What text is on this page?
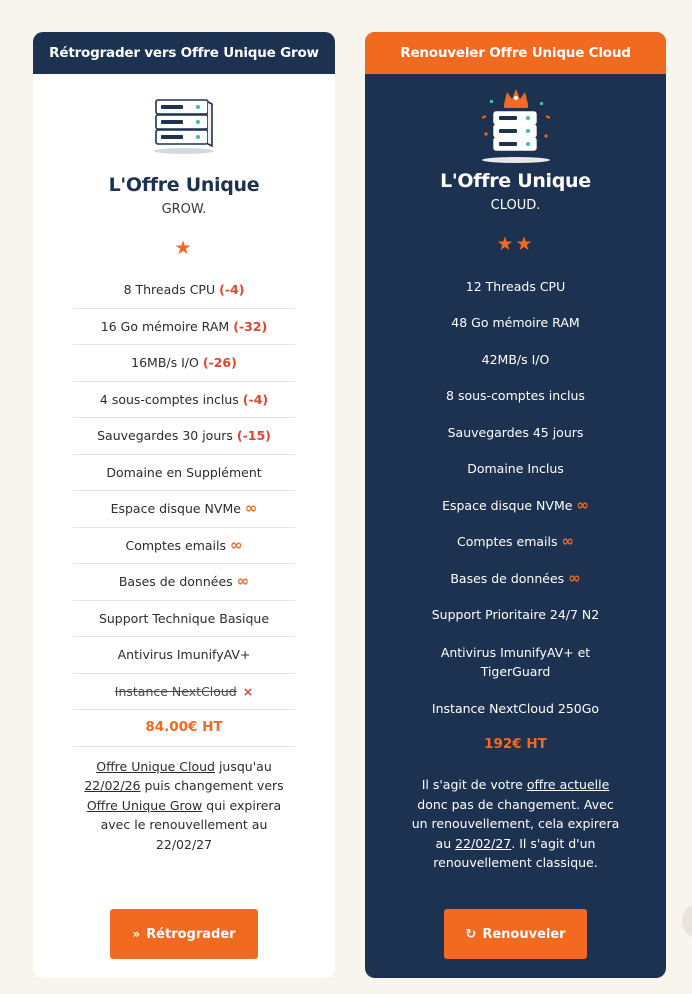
Rétrograder vers Offre Unique Grow
L'Offre Unique
GROW.
★
8 Threads CPU
(-4)
16 Go mémoire RAM
(-32)
16MB/s I/O
(-26)
4 sous-comptes inclus
(-4)
Sauvegardes 30 jours
(-15)
Domaine en Supplément
Espace disque NVMe
∞
Comptes emails
∞
Bases de données
∞
Support Technique Basique
Antivirus ImunifyAV+
Instance NextCloud ×
84.00€ HT

Offre Unique Cloud jusqu'au 22/02/26 puis changement vers Offre Unique Grow qui expirera avec le renouvellement au 22/02/27

» Rétrograder
Renouveler Offre Unique Cloud
L'Offre Unique
CLOUD.
★★
12 Threads CPU
48 Go mémoire RAM
42MB/s I/O
8 sous-comptes inclus
Sauvegardes 45 jours
Domaine Inclus
Espace disque NVMe
∞
Comptes emails
∞
Bases de données
∞
Support Prioritaire 24/7 N2
Antivirus ImunifyAV+ et TigerGuard
Instance NextCloud 250Go
192€ HT

Il s'agit de votre offre actuelle donc pas de changement. Avec un renouvellement, cela expirera au 22/02/27. Il s'agit d'un renouvellement classique.

↻ Renouveler
